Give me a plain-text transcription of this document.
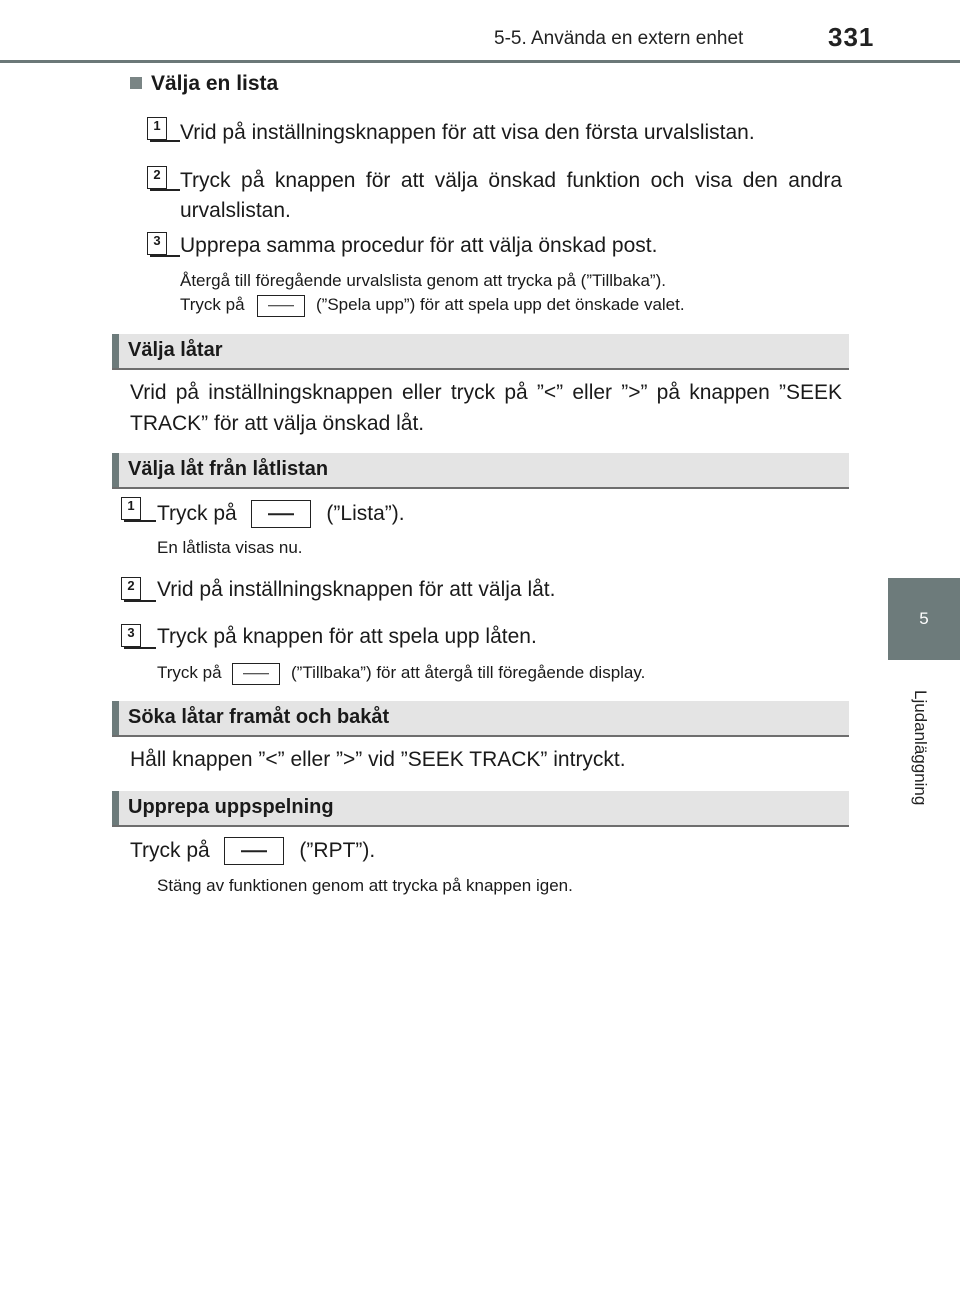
5-5. Använda en extern enhet	331
5
Ljudanläggning
Välja en lista
1 Vrid på inställningsknappen för att visa den första urvalslistan.
2 Tryck på knappen för att välja önskad funktion och visa den andra urvalslistan.
3 Upprepa samma procedur för att välja önskad post.
Återgå till föregående urvalslista genom att trycka på (”Tillbaka”).
Tryck på	(”Spela upp”) för att spela upp det önskade valet.
Välja låtar
Vrid på inställningsknappen eller tryck på ”<” eller ”>” på knappen ”SEEK TRACK” för att välja önskad låt.
Välja låt från låtlistan
1 Tryck på	(”Lista”).
En låtlista visas nu.
2 Vrid på inställningsknappen för att välja låt.
3 Tryck på knappen för att spela upp låten.
Tryck på	(”Tillbaka”) för att återgå till föregående display.
Söka låtar framåt och bakåt
Håll knappen ”<” eller ”>” vid ”SEEK TRACK” intryckt.
Upprepa uppspelning
Tryck på	(”RPT”).
Stäng av funktionen genom att trycka på knappen igen.
